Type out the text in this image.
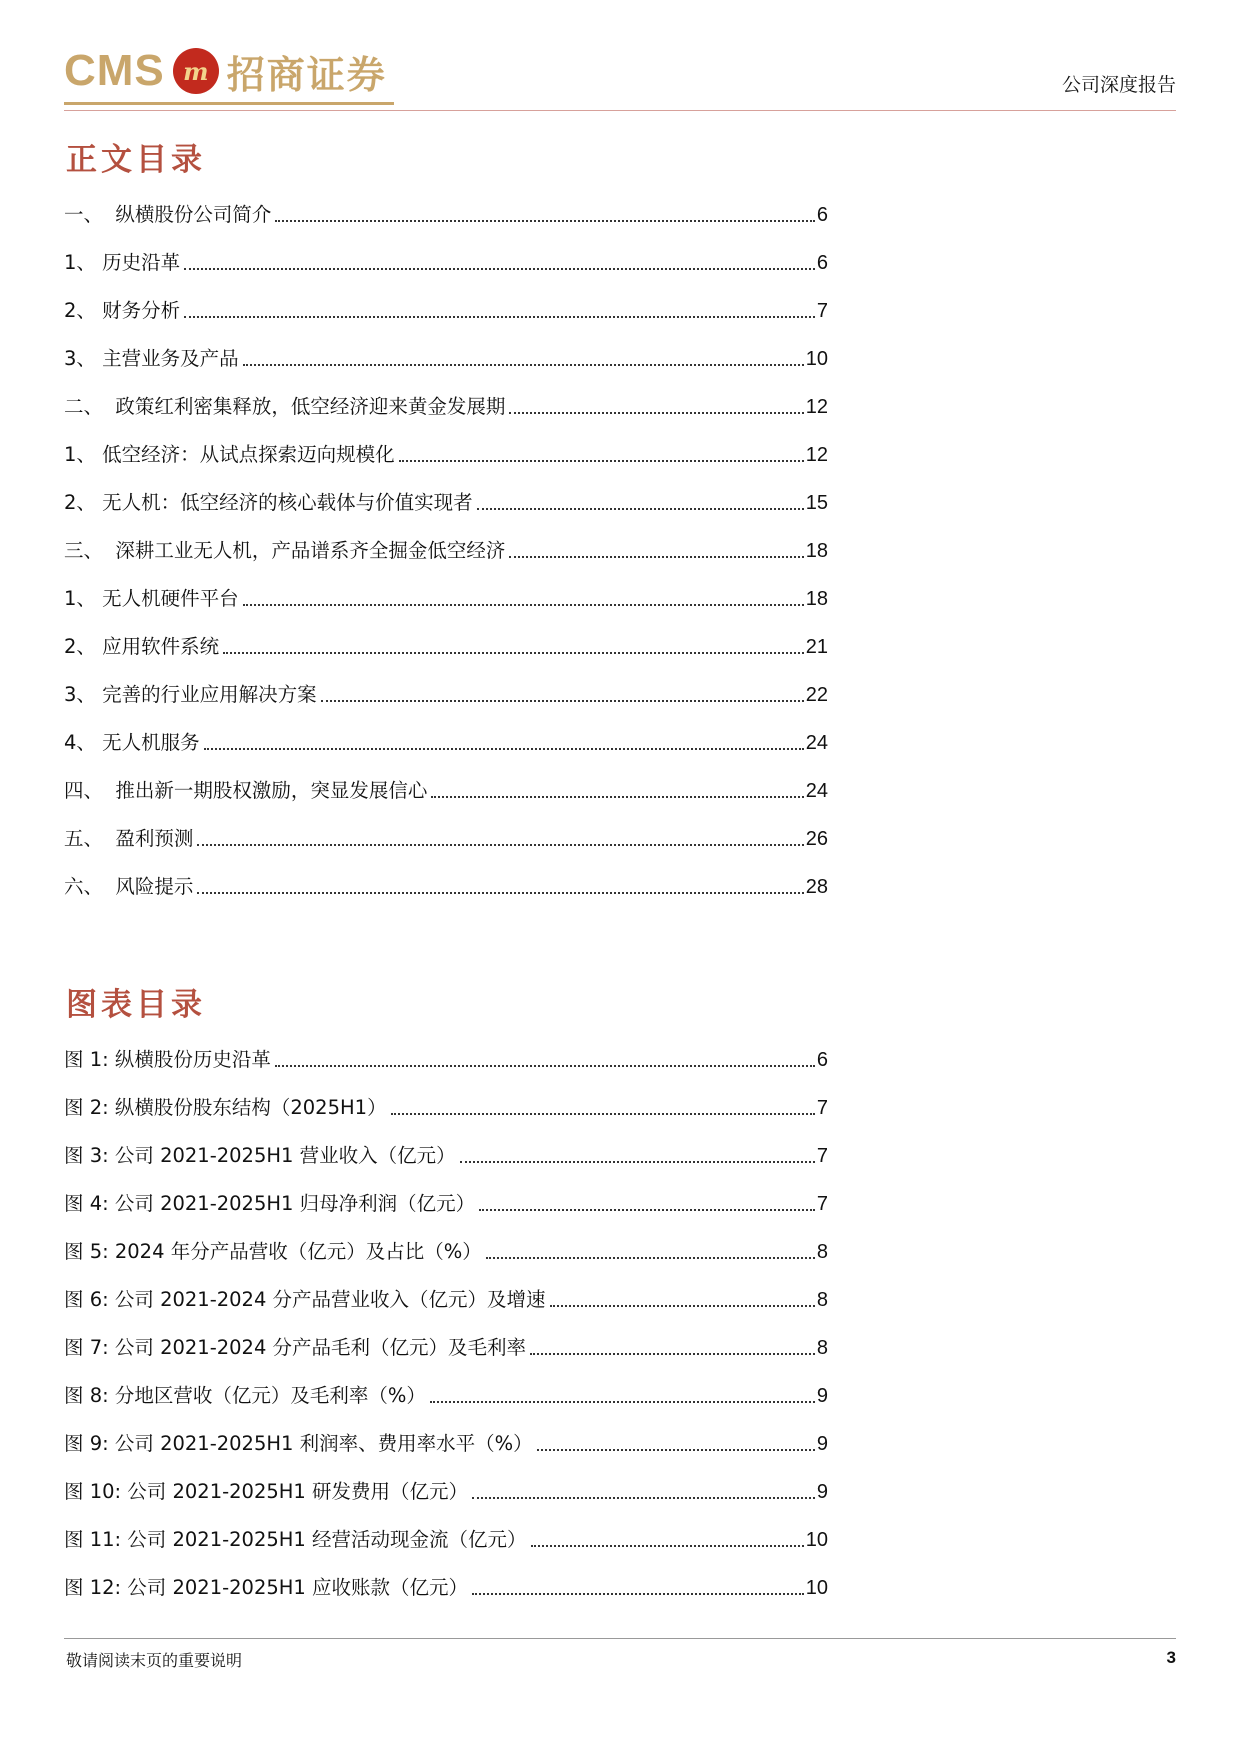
CMS m 招商证券	公司深度报告
正文目录
一、  纵横股份公司简介	6
1、 历史沿革	6
2、 财务分析	7
3、 主营业务及产品	10
二、  政策红利密集释放，低空经济迎来黄金发展期	12
1、 低空经济：从试点探索迈向规模化	12
2、 无人机：低空经济的核心载体与价值实现者	15
三、  深耕工业无人机，产品谱系齐全掘金低空经济	18
1、 无人机硬件平台	18
2、 应用软件系统	21
3、 完善的行业应用解决方案	22
4、 无人机服务	24
四、  推出新一期股权激励，突显发展信心	24
五、  盈利预测	26
六、  风险提示	28
图表目录
图 1: 纵横股份历史沿革	6
图 2: 纵横股份股东结构（2025H1）	7
图 3: 公司 2021-2025H1 营业收入（亿元）	7
图 4: 公司 2021-2025H1 归母净利润（亿元）	7
图 5: 2024 年分产品营收（亿元）及占比（%）	8
图 6: 公司 2021-2024 分产品营业收入（亿元）及增速	8
图 7: 公司 2021-2024 分产品毛利（亿元）及毛利率	8
图 8: 分地区营收（亿元）及毛利率（%）	9
图 9: 公司 2021-2025H1 利润率、费用率水平（%）	9
图 10: 公司 2021-2025H1 研发费用（亿元）	9
图 11: 公司 2021-2025H1 经营活动现金流（亿元）	10
图 12: 公司 2021-2025H1 应收账款（亿元）	10
敬请阅读末页的重要说明	3
